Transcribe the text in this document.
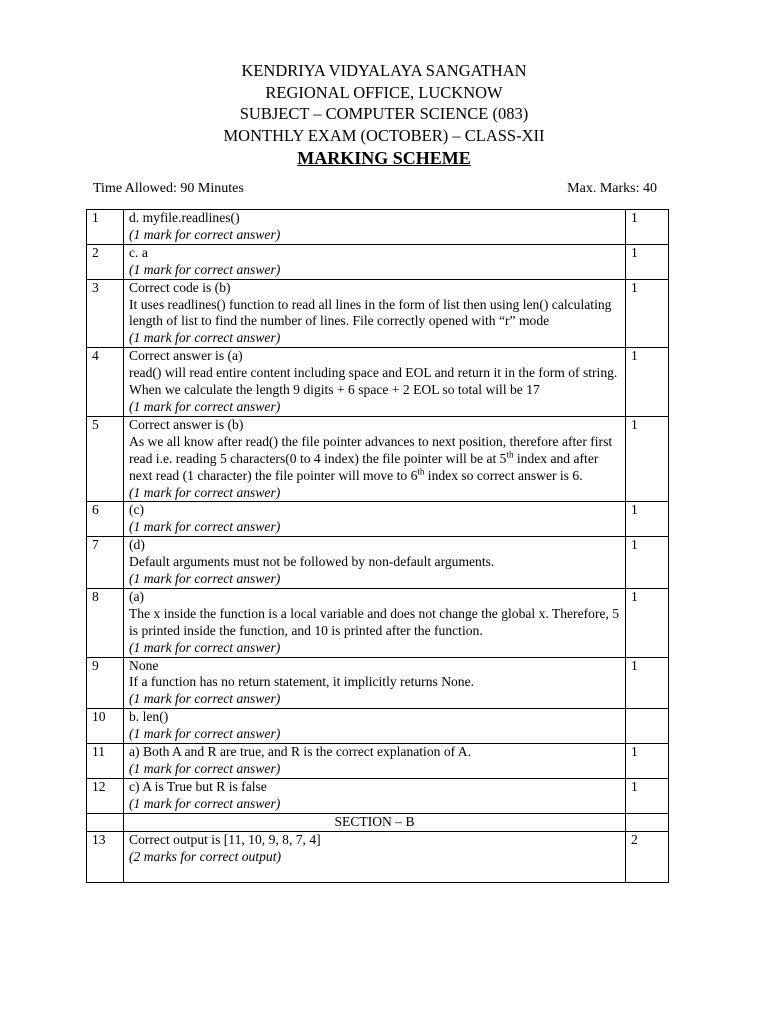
KENDRIYA VIDYALAYA SANGATHAN
REGIONAL OFFICE, LUCKNOW
SUBJECT – COMPUTER SCIENCE (083)
MONTHLY EXAM (OCTOBER) – CLASS-XII
MARKING SCHEME
Time Allowed: 90 Minutes	Max. Marks: 40
1	d. myfile.readlines()
(1 mark for correct answer)	1
2	c. a
(1 mark for correct answer)	1
3	Correct code is (b)
It uses readlines() function to read all lines in the form of list then using len() calculating length of list to find the number of lines. File correctly opened with “r” mode
(1 mark for correct answer)	1
4	Correct answer is (a)
read() will read entire content including space and EOL and return it in the form of string. When we calculate the length 9 digits + 6 space + 2 EOL so total will be 17
(1 mark for correct answer)	1
5	Correct answer is (b)
As we all know after read() the file pointer advances to next position, therefore after first read i.e. reading 5 characters(0 to 4 index) the file pointer will be at 5th index and after next read (1 character) the file pointer will move to 6th index so correct answer is 6.
(1 mark for correct answer)	1
6	(c)
(1 mark for correct answer)	1
7	(d)
Default arguments must not be followed by non-default arguments.
(1 mark for correct answer)	1
8	(a)
The x inside the function is a local variable and does not change the global x. Therefore, 5 is printed inside the function, and 10 is printed after the function.
(1 mark for correct answer)	1
9	None
If a function has no return statement, it implicitly returns None.
(1 mark for correct answer)	1
10	b. len()
(1 mark for correct answer)	

11	a) Both A and R are true, and R is the correct explanation of A.
(1 mark for correct answer)	1
12	c) A is True but R is false
(1 mark for correct answer)	1
	SECTION – B	
13	Correct output is [11, 10, 9, 8, 7, 4]
(2 marks for correct output)	2
